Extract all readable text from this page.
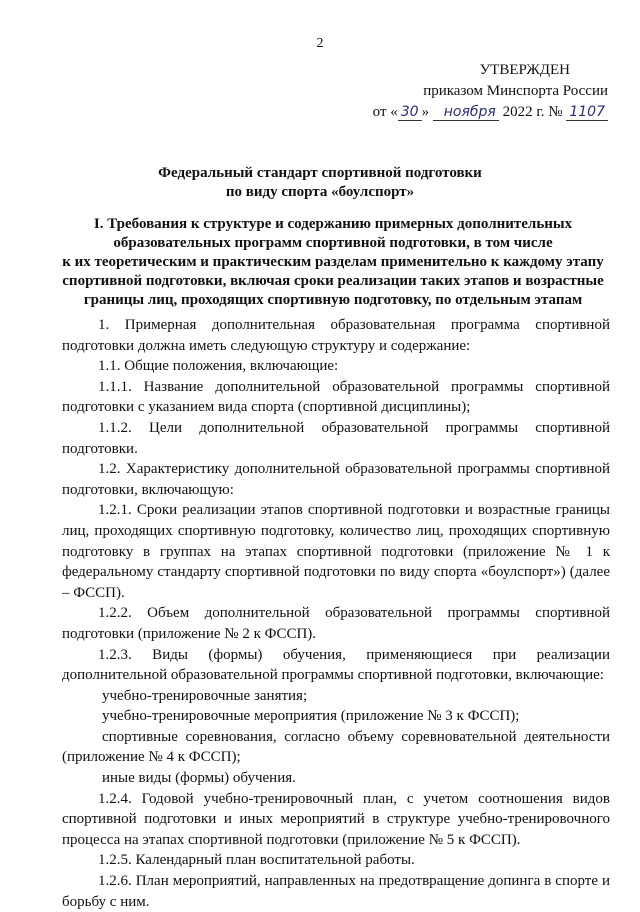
2
УТВЕРЖДЕН
приказом Минспорта России
от « 30 » ноября 2022 г. № 1107
Федеральный стандарт спортивной подготовки
по виду спорта «боулспорт»
I. Требования к структуре и содержанию примерных дополнительных
образовательных программ спортивной подготовки, в том числе
к их теоретическим и практическим разделам применительно к каждому этапу
спортивной подготовки, включая сроки реализации таких этапов и возрастные
границы лиц, проходящих спортивную подготовку, по отдельным этапам

1. Примерная дополнительная образовательная программа спортивной подготовки должна иметь следующую структуру и содержание:

1.1. Общие положения, включающие:

1.1.1. Название дополнительной образовательной программы спортивной подготовки с указанием вида спорта (спортивной дисциплины);

1.1.2. Цели дополнительной образовательной программы спортивной подготовки.

1.2. Характеристику дополнительной образовательной программы спортивной подготовки, включающую:

1.2.1. Сроки реализации этапов спортивной подготовки и возрастные границы лиц, проходящих спортивную подготовку, количество лиц, проходящих спортивную подготовку в группах на этапах спортивной подготовки (приложение № 1 к федеральному стандарту спортивной подготовки по виду спорта «боулспорт») (далее – ФССП).

1.2.2. Объем дополнительной образовательной программы спортивной подготовки (приложение № 2 к ФССП).

1.2.3. Виды (формы) обучения, применяющиеся при реализации дополнительной образовательной программы спортивной подготовки, включающие:

учебно-тренировочные занятия;

учебно-тренировочные мероприятия (приложение № 3 к ФССП);

спортивные соревнования, согласно объему соревновательной деятельности (приложение № 4 к ФССП);

иные виды (формы) обучения.

1.2.4. Годовой учебно-тренировочный план, с учетом соотношения видов спортивной подготовки и иных мероприятий в структуре учебно-тренировочного процесса на этапах спортивной подготовки (приложение № 5 к ФССП).

1.2.5. Календарный план воспитательной работы.

1.2.6. План мероприятий, направленных на предотвращение допинга в спорте и борьбу с ним.
